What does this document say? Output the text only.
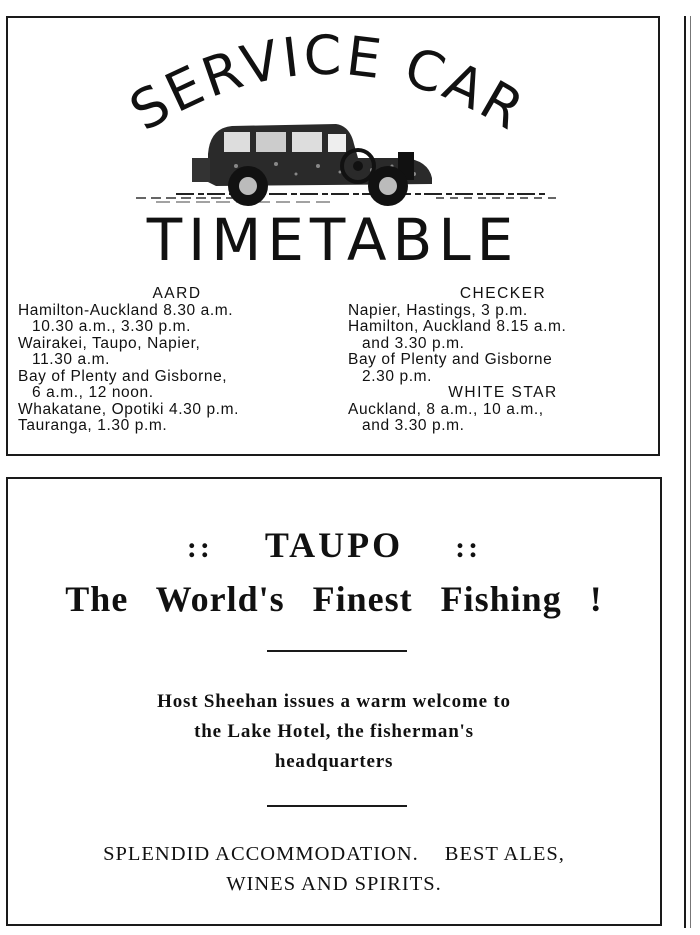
SERVICE CAR
TIMETABLE
AARD
Hamilton-Auckland 8.30 a.m.
10.30 a.m., 3.30 p.m.
Wairakei, Taupo, Napier,
11.30 a.m.
Bay of Plenty and Gisborne,
6 a.m., 12 noon.
Whakatane, Opotiki 4.30 p.m.
Tauranga, 1.30 p.m.
CHECKER
Napier, Hastings, 3 p.m.
Hamilton, Auckland 8.15 a.m.
and 3.30 p.m.
Bay of Plenty and Gisborne
2.30 p.m.
WHITE STAR
Auckland, 8 a.m., 10 a.m.,
and 3.30 p.m.
:: TAUPO ::
The World's Finest Fishing !
Host Sheehan issues a warm welcome to
the Lake Hotel, the fisherman's
headquarters
SPLENDID ACCOMMODATION. BEST ALES,
WINES AND SPIRITS.
